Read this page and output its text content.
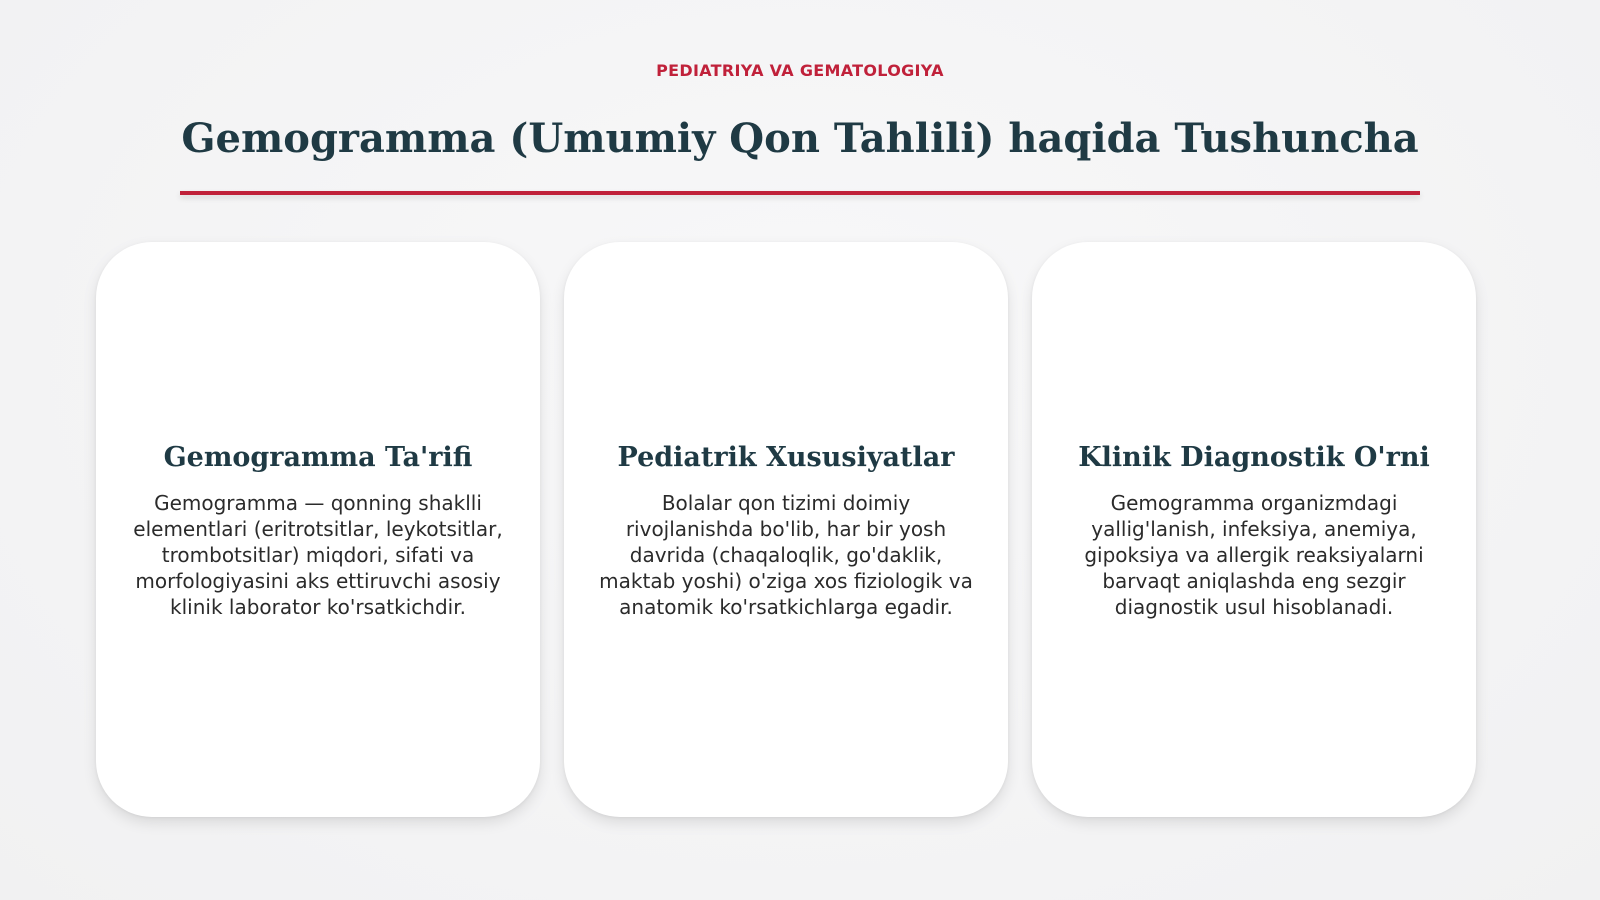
PEDIATRIYA VA GEMATOLOGIYA
Gemogramma (Umumiy Qon Tahlili) haqida Tushuncha
Gemogramma Ta'rifi

Gemogramma — qonning shaklli elementlari (eritrotsitlar, leykotsitlar, trombotsitlar) miqdori, sifati va morfologiyasini aks ettiruvchi asosiy klinik laborator ko'rsatkichdir.

Pediatrik Xususiyatlar

Bolalar qon tizimi doimiy rivojlanishda bo'lib, har bir yosh davrida (chaqaloqlik, go'daklik, maktab yoshi) o'ziga xos fiziologik va anatomik ko'rsatkichlarga egadir.

Klinik Diagnostik O'rni

Gemogramma organizmdagi yallig'lanish, infeksiya, anemiya, gipoksiya va allergik reaksiyalarni barvaqt aniqlashda eng sezgir diagnostik usul hisoblanadi.
